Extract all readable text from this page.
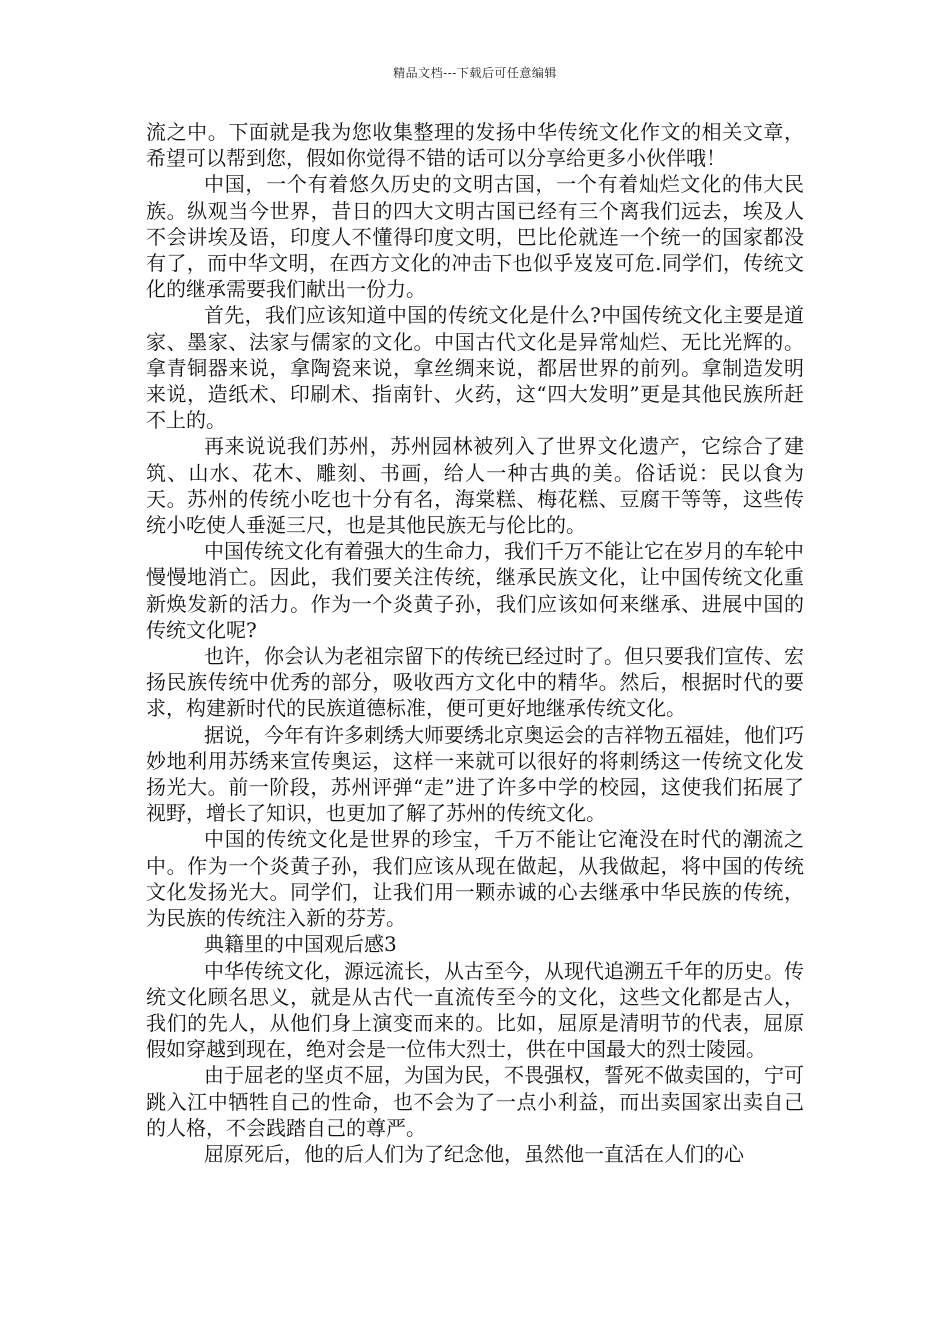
精品文档---下载后可任意编辑

流之中。下面就是我为您收集整理的发扬中华传统文化作文的相关文章，希望可以帮到您，假如你觉得不错的话可以分享给更多小伙伴哦！

中国，一个有着悠久历史的文明古国，一个有着灿烂文化的伟大民族。纵观当今世界，昔日的四大文明古国已经有三个离我们远去，埃及人不会讲埃及语，印度人不懂得印度文明，巴比伦就连一个统一的国家都没有了，而中华文明，在西方文化的冲击下也似乎岌岌可危.同学们，传统文化的继承需要我们献出一份力。

首先，我们应该知道中国的传统文化是什么?中国传统文化主要是道家、墨家、法家与儒家的文化。中国古代文化是异常灿烂、无比光辉的。拿青铜器来说，拿陶瓷来说，拿丝绸来说，都居世界的前列。拿制造发明来说，造纸术、印刷术、指南针、火药，这“四大发明”更是其他民族所赶不上的。

再来说说我们苏州，苏州园林被列入了世界文化遗产，它综合了建筑、山水、花木、雕刻、书画，给人一种古典的美。俗话说：民以食为天。苏州的传统小吃也十分有名，海棠糕、梅花糕、豆腐干等等，这些传统小吃使人垂涎三尺，也是其他民族无与伦比的。

中国传统文化有着强大的生命力，我们千万不能让它在岁月的车轮中慢慢地消亡。因此，我们要关注传统，继承民族文化，让中国传统文化重新焕发新的活力。作为一个炎黄子孙，我们应该如何来继承、进展中国的传统文化呢?

也许，你会认为老祖宗留下的传统已经过时了。但只要我们宣传、宏扬民族传统中优秀的部分，吸收西方文化中的精华。然后，根据时代的要求，构建新时代的民族道德标准，便可更好地继承传统文化。

据说，今年有许多刺绣大师要绣北京奥运会的吉祥物五福娃，他们巧妙地利用苏绣来宣传奥运，这样一来就可以很好的将刺绣这一传统文化发扬光大。前一阶段，苏州评弹“走”进了许多中学的校园，这使我们拓展了视野，增长了知识，也更加了解了苏州的传统文化。

中国的传统文化是世界的珍宝，千万不能让它淹没在时代的潮流之中。作为一个炎黄子孙，我们应该从现在做起，从我做起，将中国的传统文化发扬光大。同学们，让我们用一颗赤诚的心去继承中华民族的传统，为民族的传统注入新的芬芳。

典籍里的中国观后感3

中华传统文化，源远流长，从古至今，从现代追溯五千年的历史。传统文化顾名思义，就是从古代一直流传至今的文化，这些文化都是古人，我们的先人，从他们身上演变而来的。比如，屈原是清明节的代表，屈原假如穿越到现在，绝对会是一位伟大烈士，供在中国最大的烈士陵园。

由于屈老的坚贞不屈，为国为民，不畏强权，誓死不做卖国的，宁可跳入江中牺牲自己的性命，也不会为了一点小利益，而出卖国家出卖自己的人格，不会践踏自己的尊严。

屈原死后，他的后人们为了纪念他，虽然他一直活在人们的心
